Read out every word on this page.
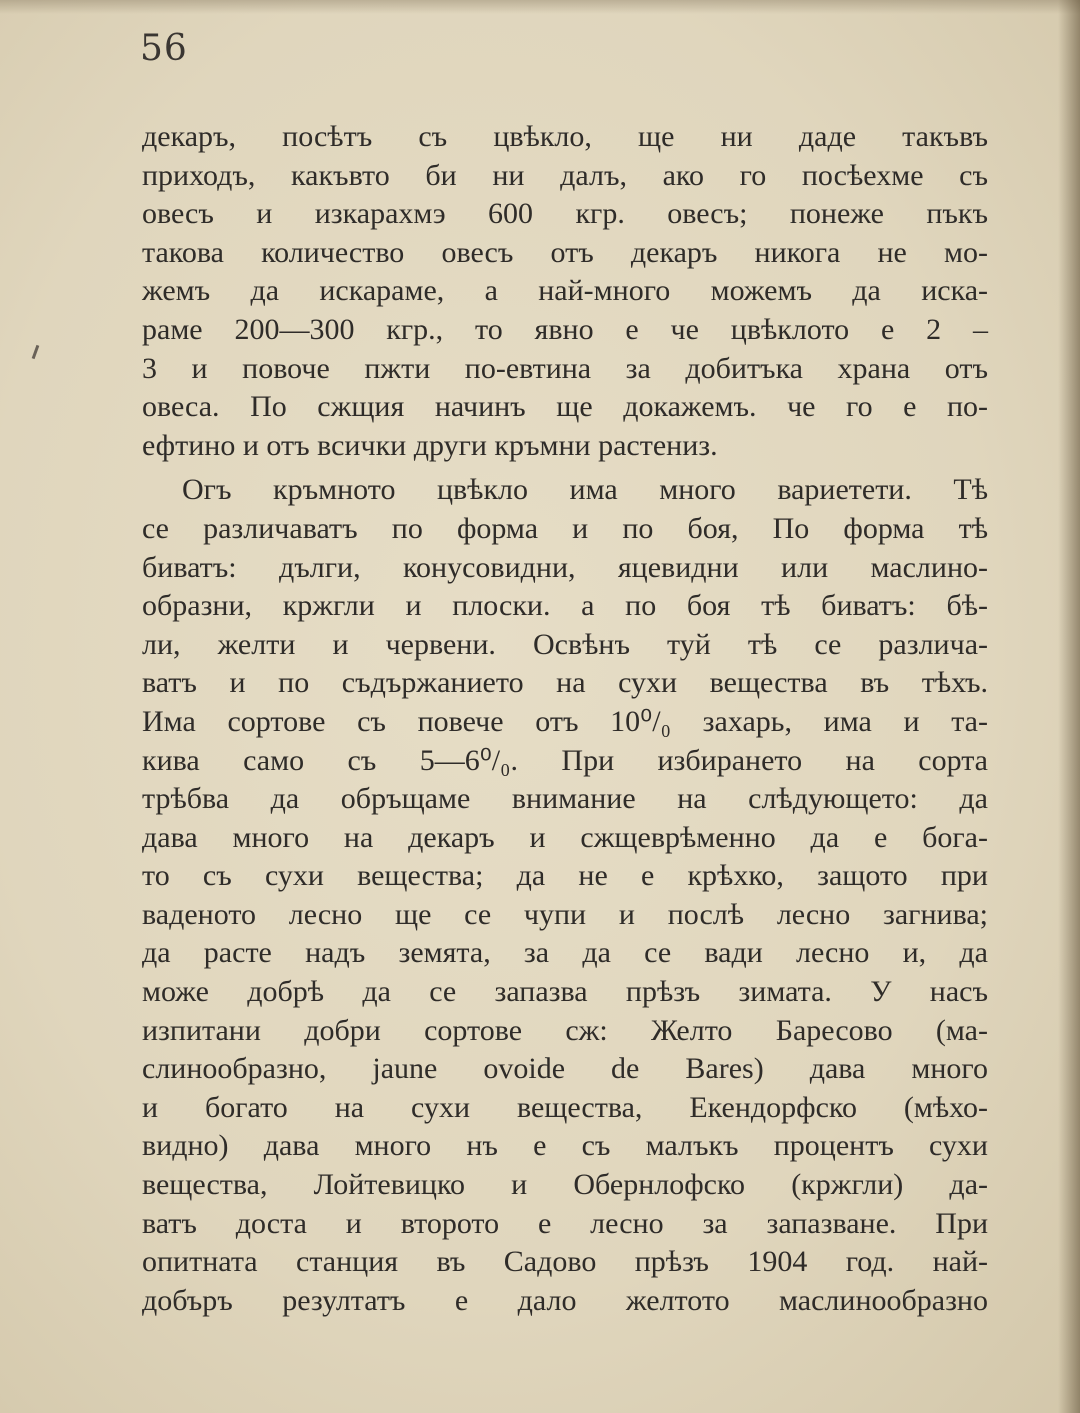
56
декаръ, посѣтъ съ цвѣкло, ще ни даде такъвъ
приходъ, какъвто би ни далъ, ако го посѣехме съ
овесъ и изкарахмэ 600 кгр. овесъ; понеже пъкъ
такова количество овесъ отъ декаръ никога не мо-
жемъ да искараме, а най-много можемъ да иска-
раме 200—300 кгр., то явно е че цвѣклото е 2 –
3 и повоче пжти по-евтина за добитъка храна отъ
овеса. По сжщия начинъ ще докажемъ. че го е по-
ефтино и отъ всички други кръмни растениз.
Огъ кръмното цвѣкло има много вариетети. Тѣ
се различаватъ по форма и по боя, По форма тѣ
биватъ: дълги, конусовидни, яцевидни или маслино-
образни, кржгли и плоски. а по боя тѣ биватъ: бѣ-
ли, желти и червени. Освѣнъ туй тѣ се различа-
ватъ и по съдържанието на сухи вещества въ тѣхъ.
Има сортове съ повече отъ 10⁰/₀ захарь, има и та-
кива само съ 5—6⁰/₀. При избирането на сорта
трѣбва да обръщаме внимание на слѣдующето: да
дава много на декаръ и сжщеврѣменно да е бога-
то съ сухи вещества; да не е крѣхко, защото при
ваденото лесно ще се чупи и послѣ лесно загнива;
да расте надъ земята, за да се вади лесно и, да
може добрѣ да се запазва прѣзъ зимата. У насъ
изпитани добри сортове сж: Желто Баресово (ма-
слинообразно, jaune ovoide de Bares) дава много
и богато на сухи вещества, Екендорфско (мѣхо-
видно) дава много нъ е съ малъкъ процентъ сухи
вещества, Лойтевицко и Обернлофско (кржгли) да-
ватъ доста и второто е лесно за запазване. При
опитната станция въ Садово прѣзъ 1904 год. най-
добъръ резултатъ е дало желтото маслинообразно
